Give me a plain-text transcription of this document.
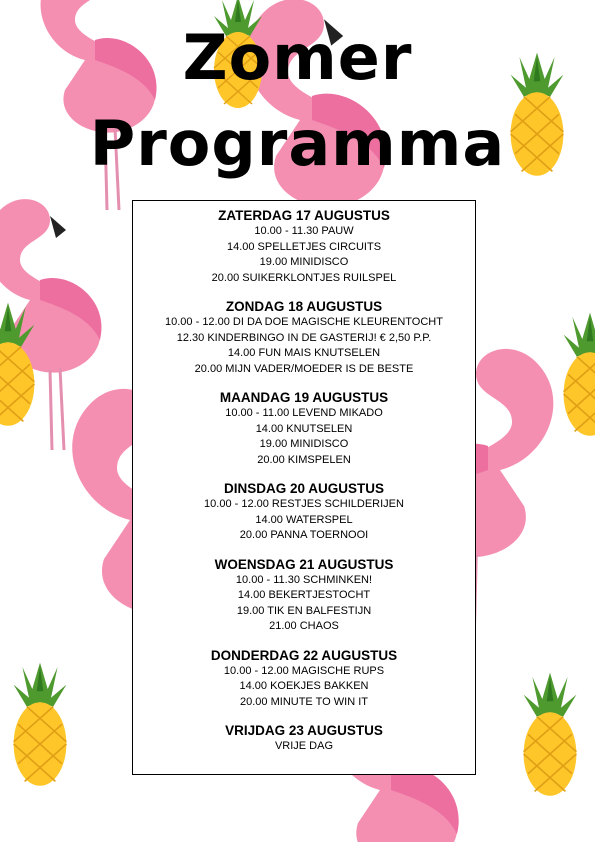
Zomer
Programma
ZATERDAG 17 AUGUSTUS
10.00 - 11.30 PAUW
14.00 SPELLETJES CIRCUITS
19.00 MINIDISCO
20.00 SUIKERKLONTJES RUILSPEL
ZONDAG 18 AUGUSTUS
10.00 - 12.00 DI DA DOE MAGISCHE KLEURENTOCHT
12.30 KINDERBINGO IN DE GASTERIJ! € 2,50 P.P.
14.00 FUN MAIS KNUTSELEN
20.00 MIJN VADER/MOEDER IS DE BESTE
MAANDAG 19 AUGUSTUS
10.00 - 11.00 LEVEND MIKADO
14.00 KNUTSELEN
19.00 MINIDISCO
20.00 KIMSPELEN
DINSDAG 20 AUGUSTUS
10.00 - 12.00 RESTJES SCHILDERIJEN
14.00 WATERSPEL
20.00 PANNA TOERNOOI
WOENSDAG 21 AUGUSTUS
10.00 - 11.30 SCHMINKEN!
14.00 BEKERTJESTOCHT
19.00 TIK EN BALFESTIJN
21.00 CHAOS
DONDERDAG 22 AUGUSTUS
10.00 - 12.00 MAGISCHE RUPS
14.00 KOEKJES BAKKEN
20.00 MINUTE TO WIN IT
VRIJDAG 23 AUGUSTUS
VRIJE DAG
